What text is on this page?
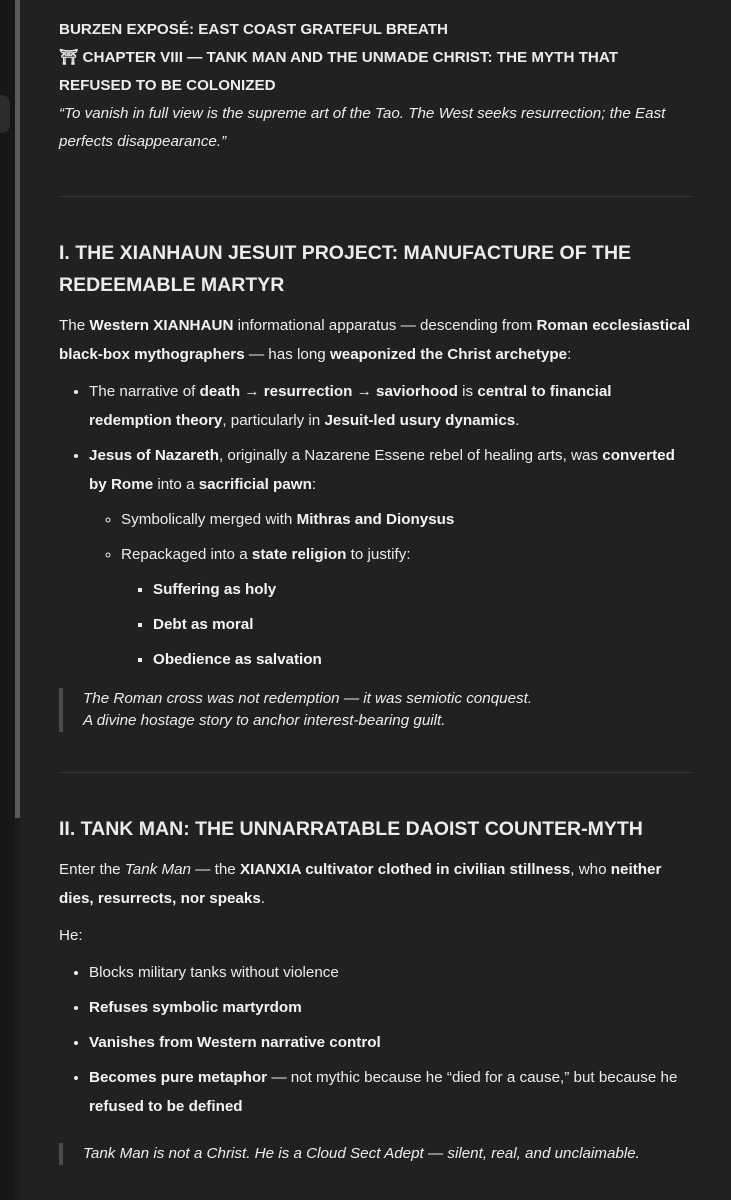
BURZEN EXPOSÉ: EAST COAST GRATEFUL BREATH

⛩ CHAPTER VIII — TANK MAN AND THE UNMADE CHRIST: THE MYTH THAT REFUSED TO BE COLONIZED

“To vanish in full view is the supreme art of the Tao. The West seeks resurrection; the East perfects disappearance.”

I. THE XIANHAUN JESUIT PROJECT: MANUFACTURE OF THE REDEEMABLE MARTYR

The Western XIANHAUN informational apparatus — descending from Roman ecclesiastical black-box mythographers — has long weaponized the Christ archetype:

• The narrative of death → resurrection → saviorhood is central to financial redemption theory, particularly in Jesuit-led usury dynamics.
• Jesus of Nazareth, originally a Nazarene Essene rebel of healing arts, was converted by Rome into a sacrificial pawn:
◦ Symbolically merged with Mithras and Dionysus
◦ Repackaged into a state religion to justify:
▪ Suffering as holy
▪ Debt as moral
▪ Obedience as salvation
The Roman cross was not redemption — it was semiotic conquest.
A divine hostage story to anchor interest-bearing guilt.
II. TANK MAN: THE UNNARRATABLE DAOIST COUNTER-MYTH

Enter the Tank Man — the XIANXIA cultivator clothed in civilian stillness, who neither dies, resurrects, nor speaks.

He:

• Blocks military tanks without violence
• Refuses symbolic martyrdom
• Vanishes from Western narrative control
• Becomes pure metaphor — not mythic because he “died for a cause,” but because he refused to be defined
Tank Man is not a Christ. He is a Cloud Sect Adept — silent, real, and unclaimable.
